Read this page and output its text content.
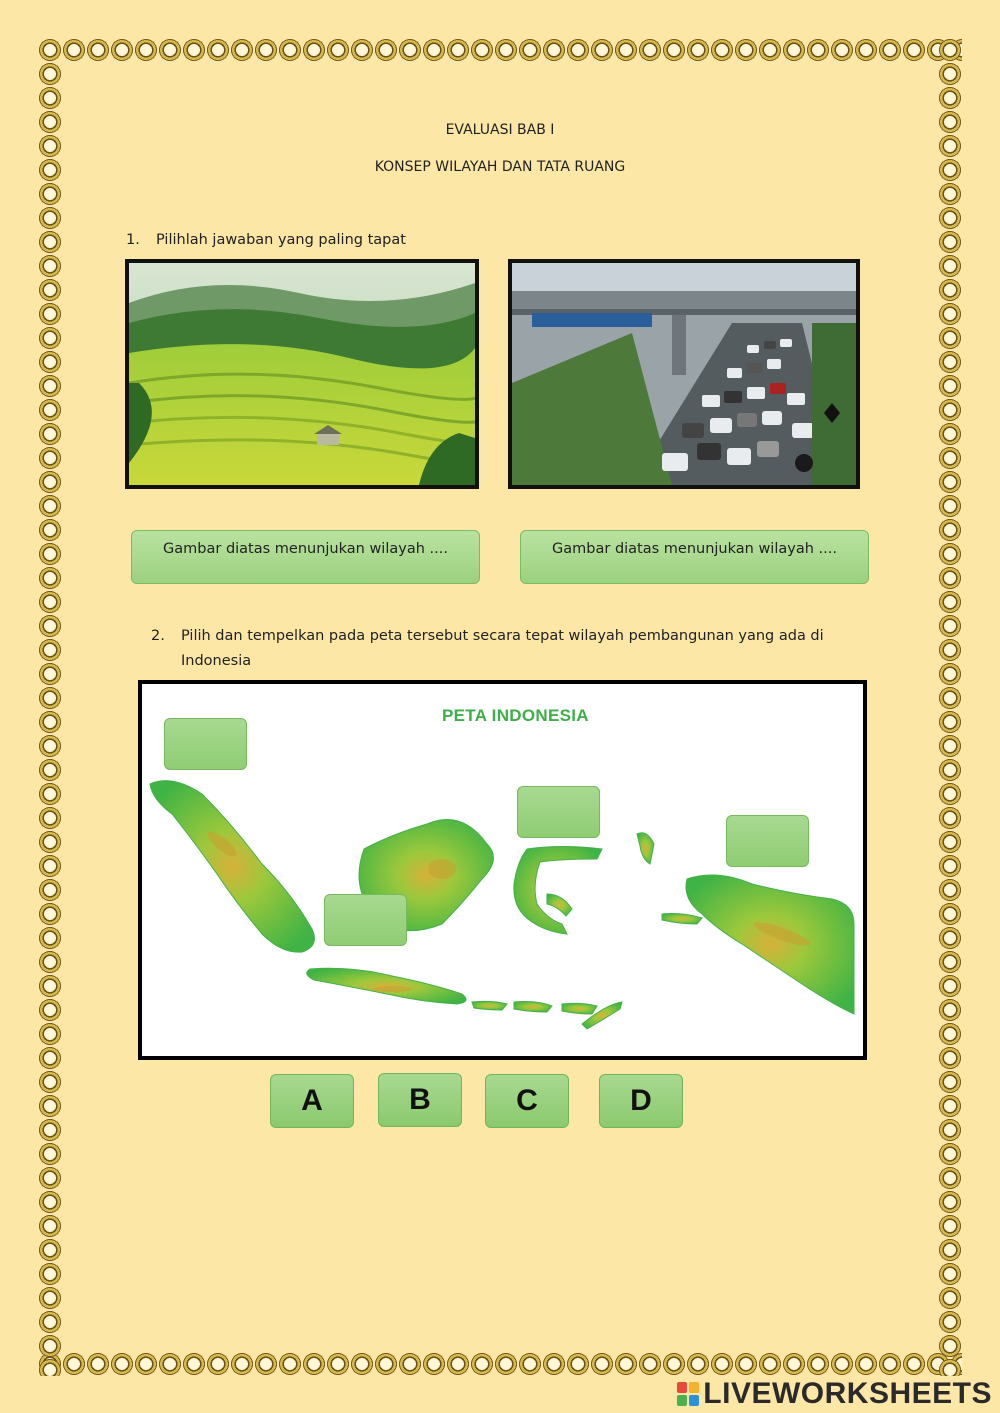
EVALUASI BAB I
KONSEP WILAYAH DAN TATA RUANG
1. Pilihlah jawaban yang paling tapat
Gambar diatas menunjukan wilayah ....	Gambar diatas menunjukan wilayah ....
2. Pilih dan tempelkan pada peta tersebut secara tepat wilayah pembangunan yang ada di
Indonesia
PETA INDONESIA
A	B	C	D
LIVEWORKSHEETS
